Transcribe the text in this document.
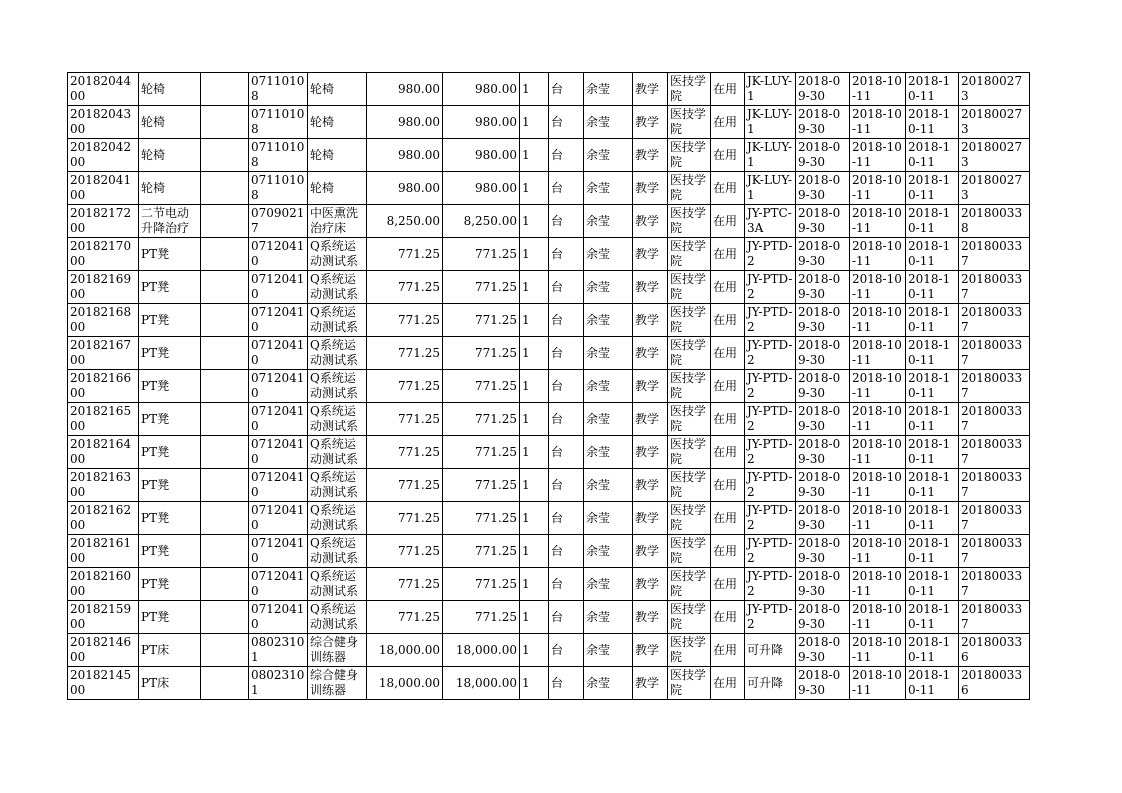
2018204400	轮椅		07110108	轮椅	980.00	980.00	1	台	余莹	教学	医技学院	在用	JK-LUY-1	2018-09-30	2018-10-11	2018-10-11	201800273
2018204300	轮椅		07110108	轮椅	980.00	980.00	1	台	余莹	教学	医技学院	在用	JK-LUY-1	2018-09-30	2018-10-11	2018-10-11	201800273
2018204200	轮椅		07110108	轮椅	980.00	980.00	1	台	余莹	教学	医技学院	在用	JK-LUY-1	2018-09-30	2018-10-11	2018-10-11	201800273
2018204100	轮椅		07110108	轮椅	980.00	980.00	1	台	余莹	教学	医技学院	在用	JK-LUY-1	2018-09-30	2018-10-11	2018-10-11	201800273
2018217200	二节电动升降治疗		07090217	中医熏洗治疗床	8,250.00	8,250.00	1	台	余莹	教学	医技学院	在用	JY-PTC-3A	2018-09-30	2018-10-11	2018-10-11	201800338
2018217000	PT凳		07120410	Q系统运动测试系	771.25	771.25	1	台	余莹	教学	医技学院	在用	JY-PTD-2	2018-09-30	2018-10-11	2018-10-11	201800337
2018216900	PT凳		07120410	Q系统运动测试系	771.25	771.25	1	台	余莹	教学	医技学院	在用	JY-PTD-2	2018-09-30	2018-10-11	2018-10-11	201800337
2018216800	PT凳		07120410	Q系统运动测试系	771.25	771.25	1	台	余莹	教学	医技学院	在用	JY-PTD-2	2018-09-30	2018-10-11	2018-10-11	201800337
2018216700	PT凳		07120410	Q系统运动测试系	771.25	771.25	1	台	余莹	教学	医技学院	在用	JY-PTD-2	2018-09-30	2018-10-11	2018-10-11	201800337
2018216600	PT凳		07120410	Q系统运动测试系	771.25	771.25	1	台	余莹	教学	医技学院	在用	JY-PTD-2	2018-09-30	2018-10-11	2018-10-11	201800337
2018216500	PT凳		07120410	Q系统运动测试系	771.25	771.25	1	台	余莹	教学	医技学院	在用	JY-PTD-2	2018-09-30	2018-10-11	2018-10-11	201800337
2018216400	PT凳		07120410	Q系统运动测试系	771.25	771.25	1	台	余莹	教学	医技学院	在用	JY-PTD-2	2018-09-30	2018-10-11	2018-10-11	201800337
2018216300	PT凳		07120410	Q系统运动测试系	771.25	771.25	1	台	余莹	教学	医技学院	在用	JY-PTD-2	2018-09-30	2018-10-11	2018-10-11	201800337
2018216200	PT凳		07120410	Q系统运动测试系	771.25	771.25	1	台	余莹	教学	医技学院	在用	JY-PTD-2	2018-09-30	2018-10-11	2018-10-11	201800337
2018216100	PT凳		07120410	Q系统运动测试系	771.25	771.25	1	台	余莹	教学	医技学院	在用	JY-PTD-2	2018-09-30	2018-10-11	2018-10-11	201800337
2018216000	PT凳		07120410	Q系统运动测试系	771.25	771.25	1	台	余莹	教学	医技学院	在用	JY-PTD-2	2018-09-30	2018-10-11	2018-10-11	201800337
2018215900	PT凳		07120410	Q系统运动测试系	771.25	771.25	1	台	余莹	教学	医技学院	在用	JY-PTD-2	2018-09-30	2018-10-11	2018-10-11	201800337
2018214600	PT床		08023101	综合健身训练器	18,000.00	18,000.00	1	台	余莹	教学	医技学院	在用	可升降	2018-09-30	2018-10-11	2018-10-11	201800336
2018214500	PT床		08023101	综合健身训练器	18,000.00	18,000.00	1	台	余莹	教学	医技学院	在用	可升降	2018-09-30	2018-10-11	2018-10-11	201800336
